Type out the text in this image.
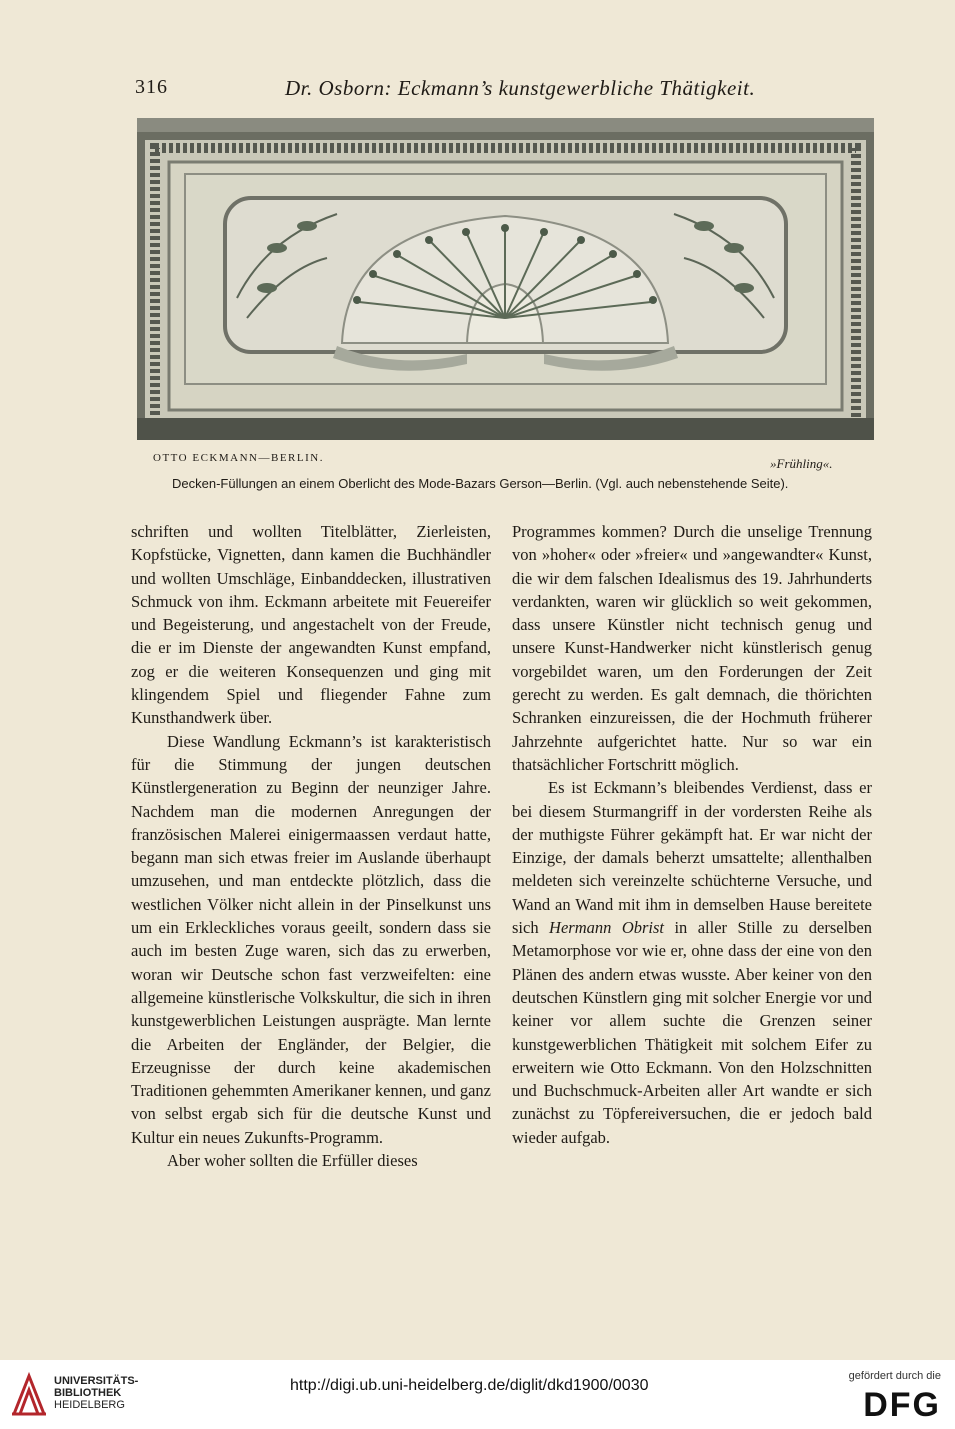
316	Dr. Osborn: Eckmann’s kunstgewerbliche Thätigkeit.
OTTO ECKMANN—BERLIN.	»Frühling«.
Decken-Füllungen an einem Oberlicht des Mode-Bazars Gerson—Berlin. (Vgl. auch nebenstehende Seite).

schriften und wollten Titelblätter, Zierleisten, Kopfstücke, Vignetten, dann kamen die Buchhändler und wollten Umschläge, Einbanddecken, illustrativen Schmuck von ihm. Eckmann arbeitete mit Feuereifer und Begeisterung, und angestachelt von der Freude, die er im Dienste der angewandten Kunst empfand, zog er die weiteren Konsequenzen und ging mit klingendem Spiel und fliegender Fahne zum Kunsthandwerk über.

Diese Wandlung Eckmann’s ist karakteristisch für die Stimmung der jungen deutschen Künstlergeneration zu Beginn der neunziger Jahre. Nachdem man die modernen Anregungen der französischen Malerei einigermaassen verdaut hatte, begann man sich etwas freier im Auslande überhaupt umzusehen, und man entdeckte plötzlich, dass die westlichen Völker nicht allein in der Pinselkunst uns um ein Erkleckliches voraus geeilt, sondern dass sie auch im besten Zuge waren, sich das zu erwerben, woran wir Deutsche schon fast verzweifelten: eine allgemeine künstlerische Volkskultur, die sich in ihren kunstgewerblichen Leistungen ausprägte. Man lernte die Arbeiten der Engländer, der Belgier, die Erzeugnisse der durch keine akademischen Traditionen gehemmten Amerikaner kennen, und ganz von selbst ergab sich für die deutsche Kunst und Kultur ein neues Zukunfts-Programm.

Aber woher sollten die Erfüller dieses

Programmes kommen? Durch die unselige Trennung von »hoher« oder »freier« und »angewandter« Kunst, die wir dem falschen Idealismus des 19. Jahrhunderts verdankten, waren wir glücklich so weit gekommen, dass unsere Künstler nicht technisch genug und unsere Kunst-Handwerker nicht künstlerisch genug vorgebildet waren, um den Forderungen der Zeit gerecht zu werden. Es galt demnach, die thörichten Schranken einzureissen, die der Hochmuth früherer Jahrzehnte aufgerichtet hatte. Nur so war ein thatsächlicher Fortschritt möglich.

Es ist Eckmann’s bleibendes Verdienst, dass er bei diesem Sturmangriff in der vordersten Reihe als der muthigste Führer gekämpft hat. Er war nicht der Einzige, der damals beherzt umsattelte; allenthalben meldeten sich vereinzelte schüchterne Versuche, und Wand an Wand mit ihm in demselben Hause bereitete sich Hermann Obrist in aller Stille zu derselben Metamorphose vor wie er, ohne dass der eine von den Plänen des andern etwas wusste. Aber keiner von den deutschen Künstlern ging mit solcher Energie vor und keiner vor allem suchte die Grenzen seiner kunstgewerblichen Thätigkeit mit solchem Eifer zu erweitern wie Otto Eckmann. Von den Holzschnitten und Buchschmuck-Arbeiten aller Art wandte er sich zunächst zu Töpfereiversuchen, die er jedoch bald wieder aufgab.

UNIVERSITÄTS-
BIBLIOTHEK
HEIDELBERG
http://digi.ub.uni-heidelberg.de/diglit/dkd1900/0030
gefördert durch die
DFG
